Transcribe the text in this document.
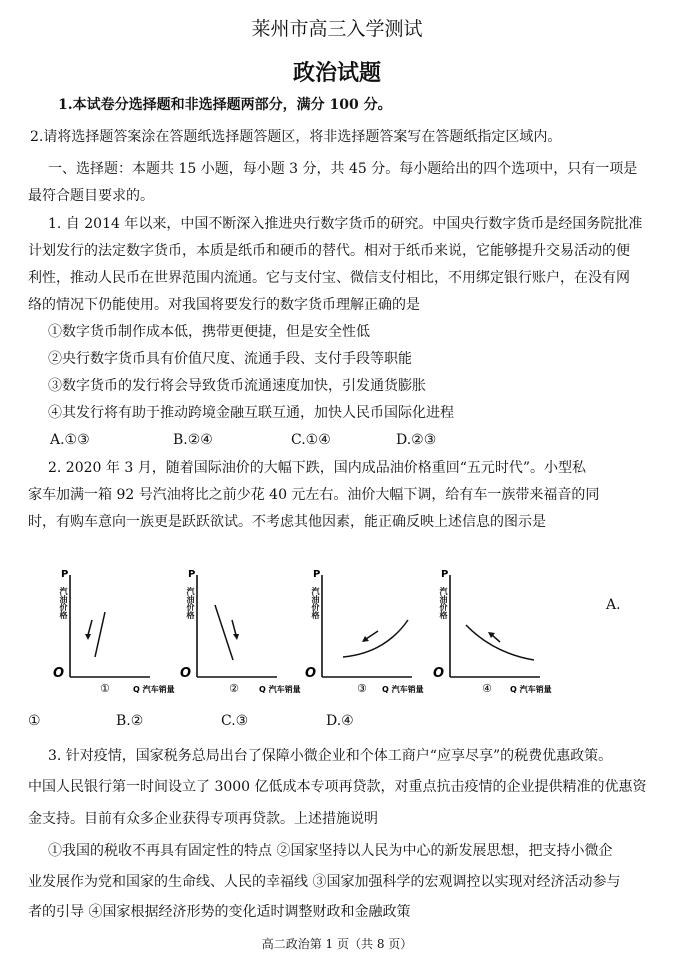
莱州市高三入学测试
政治试题
1.本试卷分选择题和非选择题两部分，满分 100 分。
2.请将选择题答案涂在答题纸选择题答题区，将非选择题答案写在答题纸指定区域内。
一、选择题：本题共 15 小题，每小题 3 分，共 45 分。每小题给出的四个选项中，只有一项是
最符合题目要求的。
1. 自 2014 年以来，中国不断深入推进央行数字货币的研究。中国央行数字货币是经国务院批准
计划发行的法定数字货币，本质是纸币和硬币的替代。相对于纸币来说，它能够提升交易活动的便
利性，推动人民币在世界范围内流通。它与支付宝、微信支付相比，不用绑定银行账户，在没有网
络的情况下仍能使用。对我国将要发行的数字货币理解正确的是
①数字货币制作成本低，携带更便捷，但是安全性低
②央行数字货币具有价值尺度、流通手段、支付手段等职能
③数字货币的发行将会导致货币流通速度加快，引发通货膨胀
④其发行将有助于推动跨境金融互联互通，加快人民币国际化进程
A.①③	B.②④	C.①④	D.②③
2. 2020 年 3 月，随着国际油价的大幅下跌，国内成品油价格重回“五元时代”。小型私
家车加满一箱 92 号汽油将比之前少花 40 元左右。油价大幅下调，给有车一族带来福音的同
时，有购车意向一族更是跃跃欲试。不考虑其他因素，能正确反映上述信息的图示是
P
O
汽油价格
①	Q 汽车销量
P
O
汽油价格
②	Q 汽车销量
P
O
汽油价格
③ Q 汽车销量
P
O
汽油价格
④ Q 汽车销量
A.
①	B.②	C.③	D.④
3. 针对疫情，国家税务总局出台了保障小微企业和个体工商户“应享尽享”的税费优惠政策。
中国人民银行第一时间设立了 3000 亿低成本专项再贷款，对重点抗击疫情的企业提供精准的优惠资
金支持。目前有众多企业获得专项再贷款。上述措施说明
①我国的税收不再具有固定性的特点 ②国家坚持以人民为中心的新发展思想，把支持小微企
业发展作为党和国家的生命线、人民的幸福线 ③国家加强科学的宏观调控以实现对经济活动参与
者的引导 ④国家根据经济形势的变化适时调整财政和金融政策
高二政治第 1 页（共 8 页）
